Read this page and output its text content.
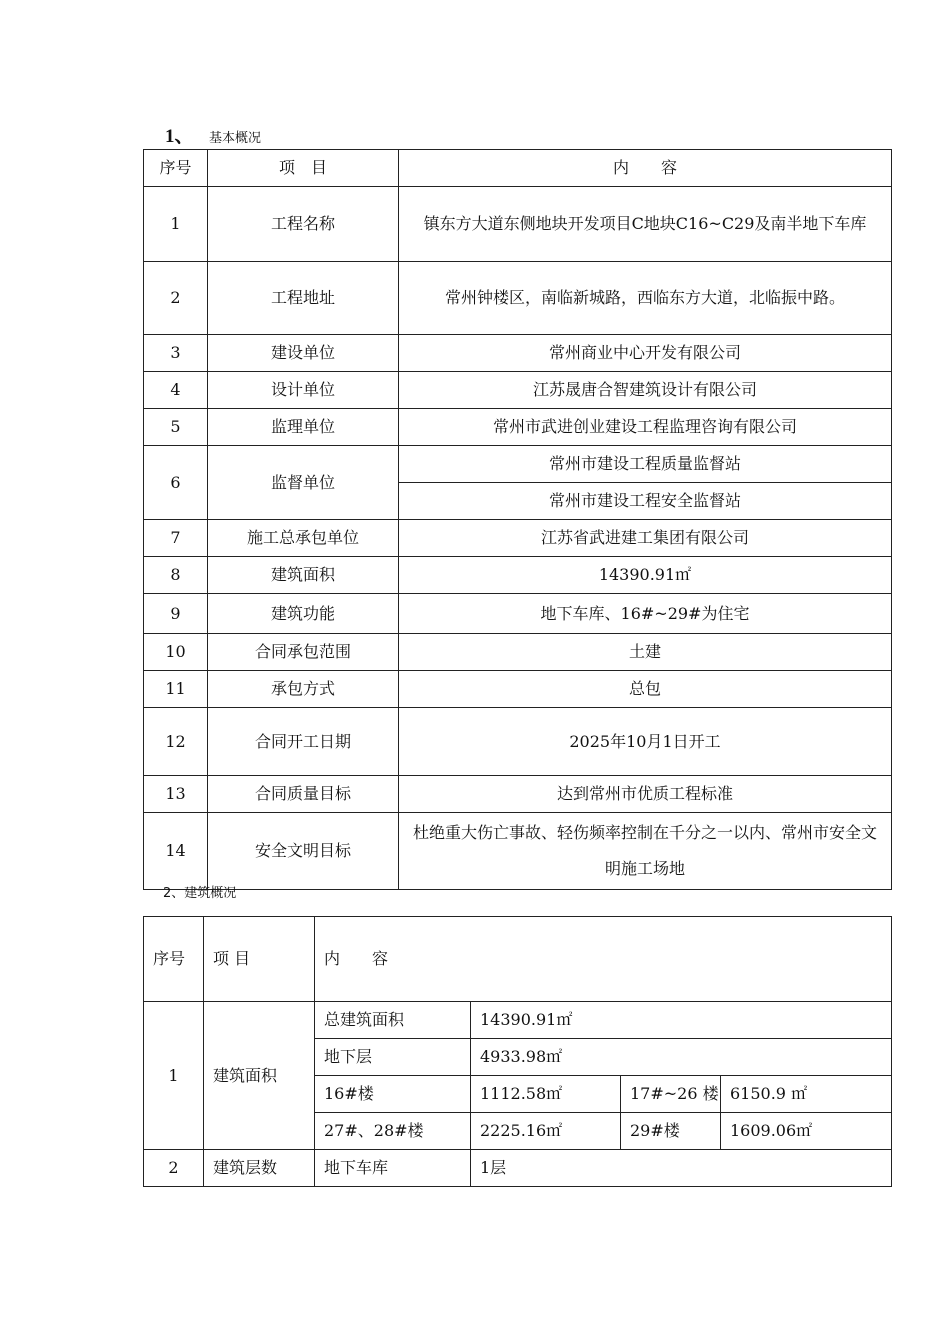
1、 基本概况
序号	项　目	内　　容
1	工程名称	镇东方大道东侧地块开发项目C地块C16~C29及南半地下车库
2	工程地址	常州钟楼区，南临新城路，西临东方大道，北临振中路。
3	建设单位	常州商业中心开发有限公司
4	设计单位	江苏晟唐合智建筑设计有限公司
5	监理单位	常州市武进创业建设工程监理咨询有限公司
6	监督单位	常州市建设工程质量监督站
		常州市建设工程安全监督站
7	施工总承包单位	江苏省武进建工集团有限公司
8	建筑面积	14390.91㎡
9	建筑功能	地下车库、16#~29#为住宅
10	合同承包范围	土建
11	承包方式	总包
12	合同开工日期	2025年10月1日开工
13	合同质量目标	达到常州市优质工程标准
14	安全文明目标	杜绝重大伤亡事故、轻伤频率控制在千分之一以内、常州市安全文明施工场地
2、建筑概况
序号	项 目	内　　容			
1	建筑面积	总建筑面积	14390.91㎡		
		地下层	4933.98㎡		
		16#楼	1112.58㎡	17#~26 楼	6150.9 ㎡
		27#、28#楼	2225.16㎡	29#楼	1609.06㎡
2	建筑层数	地下车库	1层		
